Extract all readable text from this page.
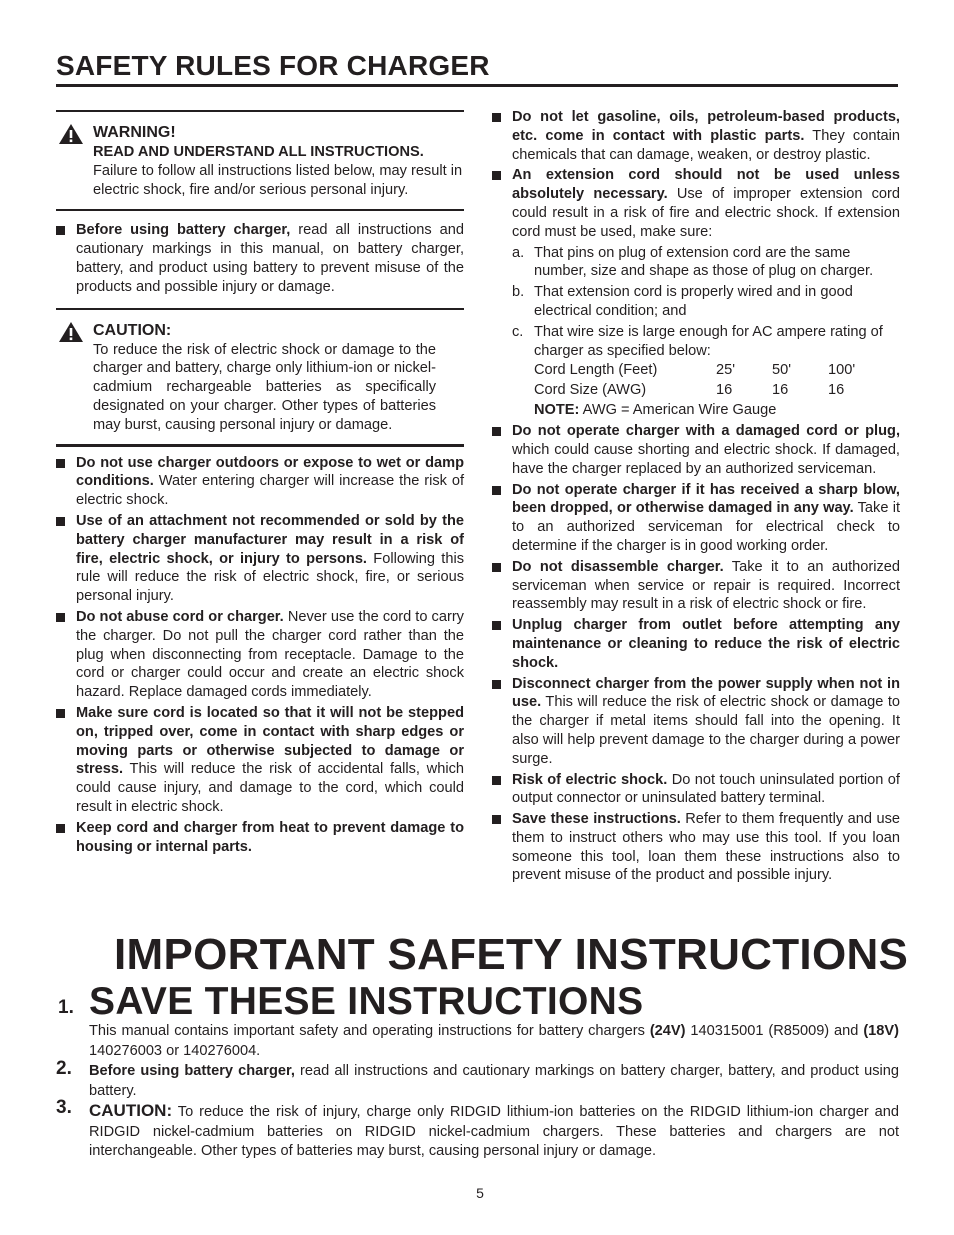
SAFETY RULES FOR CHARGER
WARNING!
READ AND UNDERSTAND ALL INSTRUCTIONS.
Failure to follow all instructions listed below, may result in electric shock, fire and/or serious personal injury.
Before using battery charger, read all instructions and cautionary markings in this manual, on battery charger, battery, and product using battery to prevent misuse of the products and possible injury or damage.
CAUTION:
To reduce the risk of electric shock or damage to the charger and battery, charge only lithium-ion or nickel-cadmium rechargeable batteries as specifically designated on your charger. Other types of batteries may burst, causing personal injury or damage.
Do not use charger outdoors or expose to wet or damp conditions. Water entering charger will increase the risk of electric shock.
Use of an attachment not recommended or sold by the battery charger manufacturer may result in a risk of fire, electric shock, or injury to persons. Following this rule will reduce the risk of electric shock, fire, or serious personal injury.
Do not abuse cord or charger. Never use the cord to carry the charger. Do not pull the charger cord rather than the plug when disconnecting from receptacle. Damage to the cord or charger could occur and create an electric shock hazard. Replace damaged cords immediately.
Make sure cord is located so that it will not be stepped on, tripped over, come in contact with sharp edges or moving parts or otherwise subjected to damage or stress. This will reduce the risk of accidental falls, which could cause injury, and damage to the cord, which could result in electric shock.
Keep cord and charger from heat to prevent damage to housing or internal parts.
Do not let gasoline, oils, petroleum-based products, etc. come in contact with plastic parts. They contain chemicals that can damage, weaken, or destroy plastic.
An extension cord should not be used unless absolutely necessary. Use of improper extension cord could result in a risk of fire and electric shock. If extension cord must be used, make sure:
a. That pins on plug of extension cord are the same number, size and shape as those of plug on charger.
b. That extension cord is properly wired and in good electrical condition; and
c. That wire size is large enough for AC ampere rating of charger as specified below:
Cord Length (Feet)	25'	50'	100'
Cord Size (AWG)	16	16	16
NOTE: AWG = American Wire Gauge
Do not operate charger with a damaged cord or plug, which could cause shorting and electric shock. If damaged, have the charger replaced by an authorized serviceman.
Do not operate charger if it has received a sharp blow, been dropped, or otherwise damaged in any way. Take it to an authorized serviceman for electrical check to determine if the charger is in good working order.
Do not disassemble charger. Take it to an authorized serviceman when service or repair is required. Incorrect reassembly may result in a risk of electric shock or fire.
Unplug charger from outlet before attempting any maintenance or cleaning to reduce the risk of electric shock.
Disconnect charger from the power supply when not in use. This will reduce the risk of electric shock or damage to the charger if metal items should fall into the opening. It also will help prevent damage to the charger during a power surge.
Risk of electric shock. Do not touch uninsulated portion of output connector or uninsulated battery terminal.
Save these instructions. Refer to them frequently and use them to instruct others who may use this tool. If you loan someone this tool, loan them these instructions also to prevent misuse of the product and possible injury.
IMPORTANT SAFETY INSTRUCTIONS
1. SAVE THESE INSTRUCTIONS
This manual contains important safety and operating instructions for battery chargers (24V) 140315001 (R85009) and (18V) 140276003 or 140276004.
2.	Before using battery charger, read all instructions and cautionary markings on battery charger, battery, and product using battery.
3.	CAUTION: To reduce the risk of injury, charge only RIDGID lithium-ion batteries on the RIDGID lithium-ion charger and RIDGID nickel-cadmium batteries on RIDGID nickel-cadmium chargers. These batteries and chargers are not interchangeable. Other types of batteries may burst, causing personal injury or damage.
5
